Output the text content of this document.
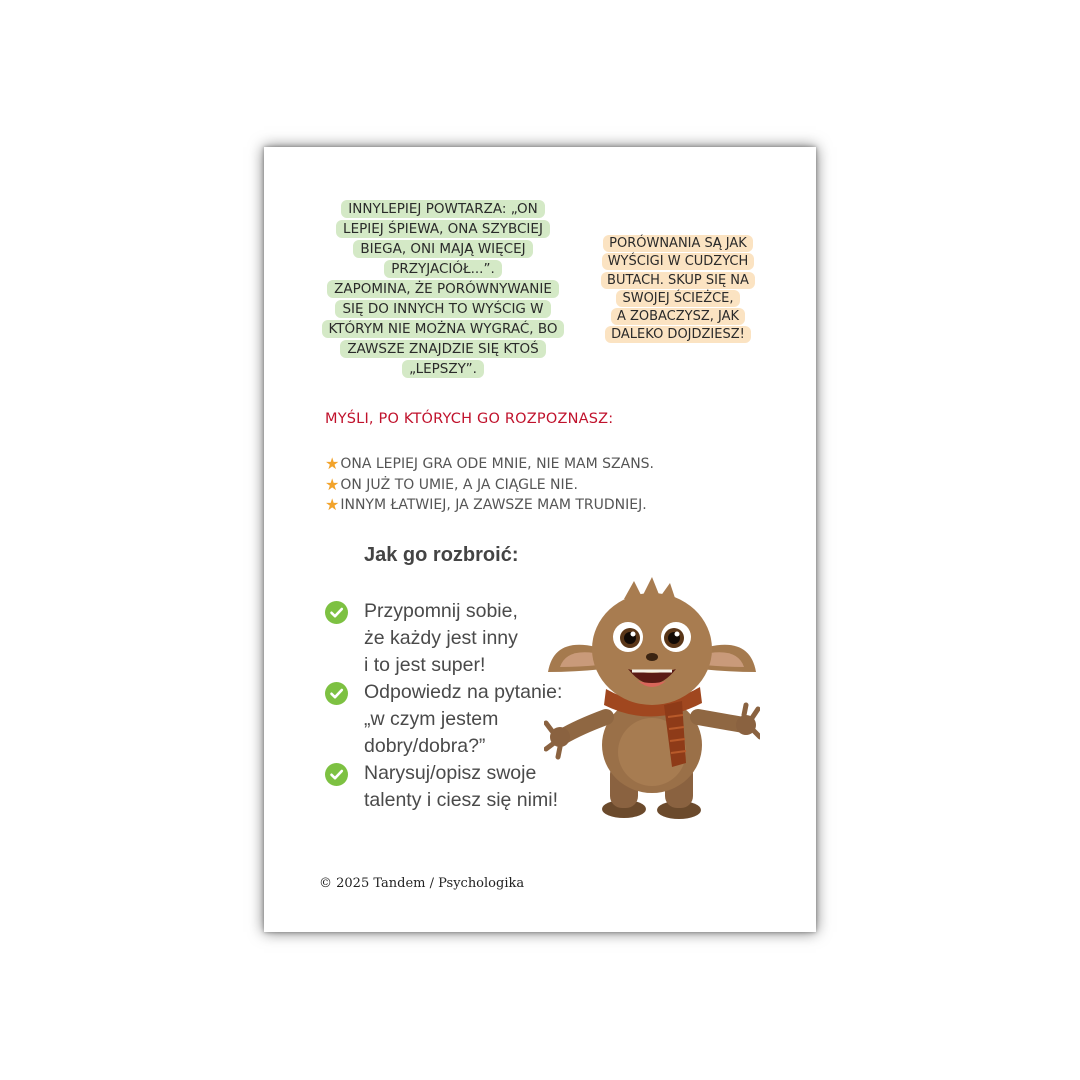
INNYLEPIEJ POWTARZA: „ON
LEPIEJ ŚPIEWA, ONA SZYBCIEJ
BIEGA, ONI MAJĄ WIĘCEJ
PRZYJACIÓŁ...”.
ZAPOMINA, ŻE PORÓWNYWANIE
SIĘ DO INNYCH TO WYŚCIG W
KTÓRYM NIE MOŻNA WYGRAĆ, BO
ZAWSZE ZNAJDZIE SIĘ KTOŚ
„LEPSZY”.
PORÓWNANIA SĄ JAK
WYŚCIGI W CUDZYCH
BUTACH. SKUP SIĘ NA
SWOJEJ ŚCIEŻCE,
A ZOBACZYSZ, JAK
DALEKO DOJDZIESZ!
MYŚLI, PO KTÓRYCH GO ROZPOZNASZ:
★ ONA LEPIEJ GRA ODE MNIE, NIE MAM SZANS.
★ ON JUŻ TO UMIE, A JA CIĄGLE NIE.
★ INNYM ŁATWIEJ, JA ZAWSZE MAM TRUDNIEJ.
Jak go rozbroić:
Przypomnij sobie,
że każdy jest inny
i to jest super!
Odpowiedz na pytanie:
„w czym jestem
dobry/dobra?”
Narysuj/opisz swoje
talenty i ciesz się nimi!
© 2025 Tandem / Psychologika
